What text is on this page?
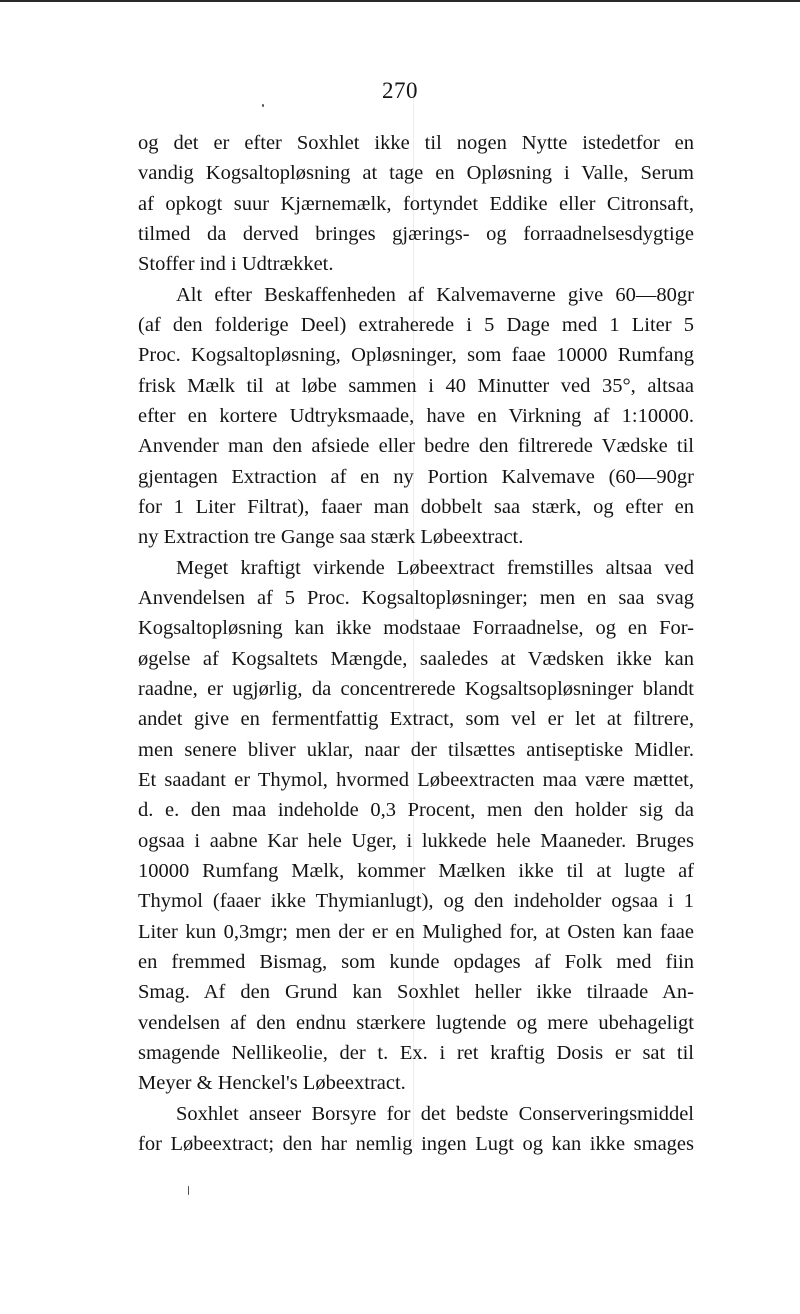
270
og det er efter Soxhlet ikke til nogen Nytte istedetfor en
vandig Kogsaltopløsning at tage en Opløsning i Valle, Serum
af opkogt suur Kjærnemælk, fortyndet Eddike eller Citronsaft,
tilmed da derved bringes gjærings- og forraadnelsesdygtige
Stoffer ind i Udtrækket.
Alt efter Beskaffenheden af Kalvemaverne give 60—80gr
(af den folderige Deel) extraherede i 5 Dage med 1 Liter 5
Proc. Kogsaltopløsning, Opløsninger, som faae 10000 Rumfang
frisk Mælk til at løbe sammen i 40 Minutter ved 35°, altsaa
efter en kortere Udtryksmaade, have en Virkning af 1:10000.
Anvender man den afsiede eller bedre den filtrerede Vædske til
gjentagen Extraction af en ny Portion Kalvemave (60—90gr
for 1 Liter Filtrat), faaer man dobbelt saa stærk, og efter en
ny Extraction tre Gange saa stærk Løbeextract.
Meget kraftigt virkende Løbeextract fremstilles altsaa ved
Anvendelsen af 5 Proc. Kogsaltopløsninger; men en saa svag
Kogsaltopløsning kan ikke modstaae Forraadnelse, og en For-
øgelse af Kogsaltets Mængde, saaledes at Vædsken ikke kan
raadne, er ugjørlig, da concentrerede Kogsaltsopløsninger blandt
andet give en fermentfattig Extract, som vel er let at filtrere,
men senere bliver uklar, naar der tilsættes antiseptiske Midler.
Et saadant er Thymol, hvormed Løbeextracten maa være mættet,
d. e. den maa indeholde 0,3 Procent, men den holder sig da
ogsaa i aabne Kar hele Uger, i lukkede hele Maaneder. Bruges
10000 Rumfang Mælk, kommer Mælken ikke til at lugte af
Thymol (faaer ikke Thymianlugt), og den indeholder ogsaa i 1
Liter kun 0,3mgr; men der er en Mulighed for, at Osten kan faae
en fremmed Bismag, som kunde opdages af Folk med fiin
Smag. Af den Grund kan Soxhlet heller ikke tilraade An-
vendelsen af den endnu stærkere lugtende og mere ubehageligt
smagende Nellikeolie, der t. Ex. i ret kraftig Dosis er sat til
Meyer & Henckel's Løbeextract.
Soxhlet anseer Borsyre for det bedste Conserveringsmiddel
for Løbeextract; den har nemlig ingen Lugt og kan ikke smages
